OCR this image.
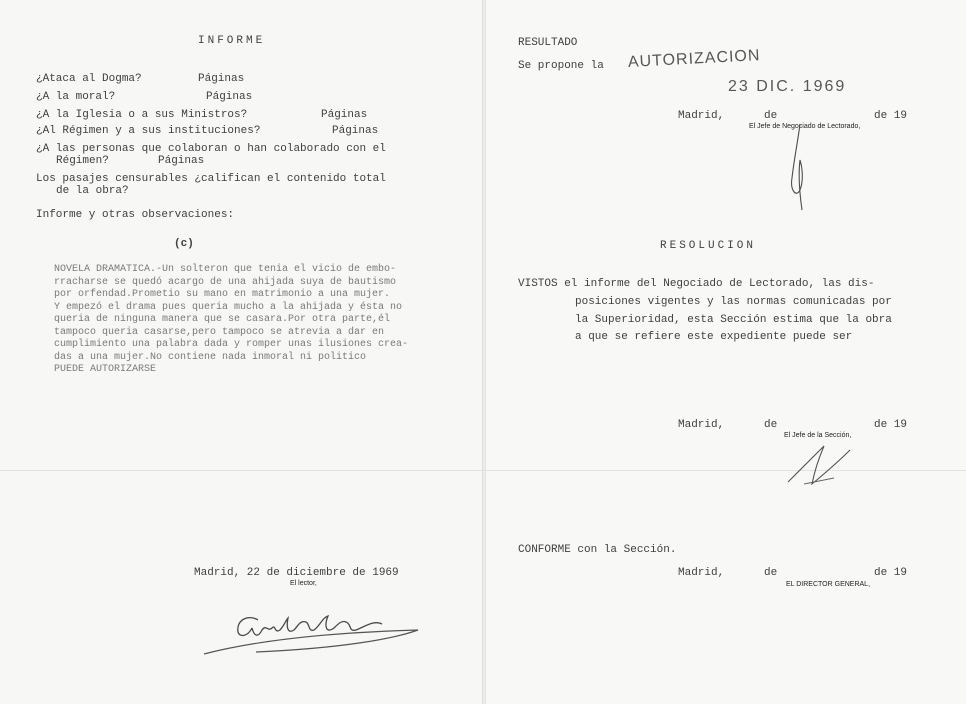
INFORME
¿Ataca al Dogma?	Páginas
¿A la moral?	Páginas
¿A la Iglesia o a sus Ministros?	Páginas
¿Al Régimen y a sus instituciones?	Páginas
¿A las personas que colaboran o han colaborado con el
Régimen?	Páginas
Los pasajes censurables ¿califican el contenido total
de la obra?
Informe y otras observaciones:
(c)
NOVELA DRAMATICA.-Un solteron que tenia el vicio de embo-
rracharse se quedó acargo de una ahijada suya de bautismo
por orfendad.Prometio su mano en matrimonio a una mujer.
Y empezó el drama pues queria mucho a la ahijada y ésta no
queria de ninguna manera que se casara.Por otra parte,él
tampoco queria casarse,pero tampoco se atrevia a dar en
cumplimiento una palabra dada y romper unas ilusiones crea-
das a una mujer.No contiene nada inmoral ni politico
PUEDE AUTORIZARSE
Madrid, 22 de diciembre de 1969
El lector,
RESULTADO
Se propone la AUTORIZACION
23 DIC. 1969
Madrid,	de	de 19
El Jefe de Negociado de Lectorado,
RESOLUCION
VISTOS el informe del Negociado de Lectorado, las dis-
posiciones vigentes y las normas comunicadas por
la Superioridad, esta Sección estima que la obra
a que se refiere este expediente puede ser
Madrid,	de	de 19
El Jefe de la Sección,
CONFORME con la Sección.
Madrid,	de	de 19
EL DIRECTOR GENERAL,
